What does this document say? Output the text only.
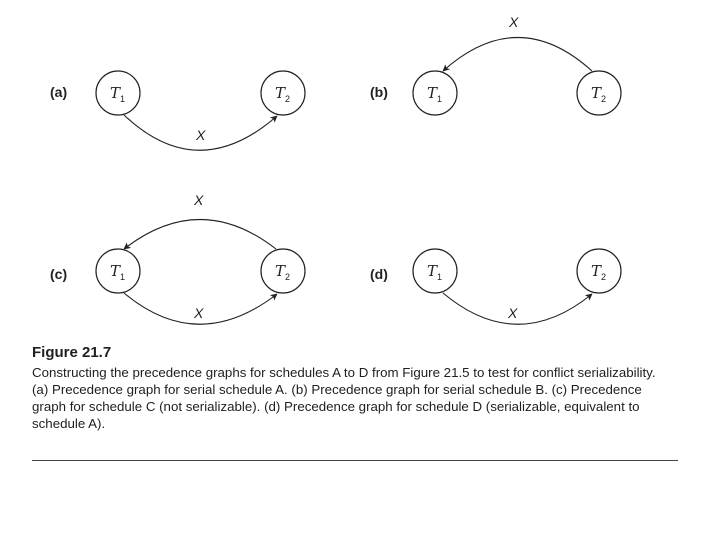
(a)	$T_1$	$T_2$
X
(b)	$T_1$	$T_2$
X
(c)	$T_1$	$T_2$
X
X
(d)	$T_1$	$T_2$
X

Figure 21.7

Constructing the precedence graphs for schedules A to D from Figure 21.5 to test for conflict serializability. (a) Precedence graph for serial schedule A. (b) Precedence graph for serial schedule B. (c) Precedence graph for schedule C (not serializable). (d) Precedence graph for schedule D (serializable, equivalent to schedule A).
